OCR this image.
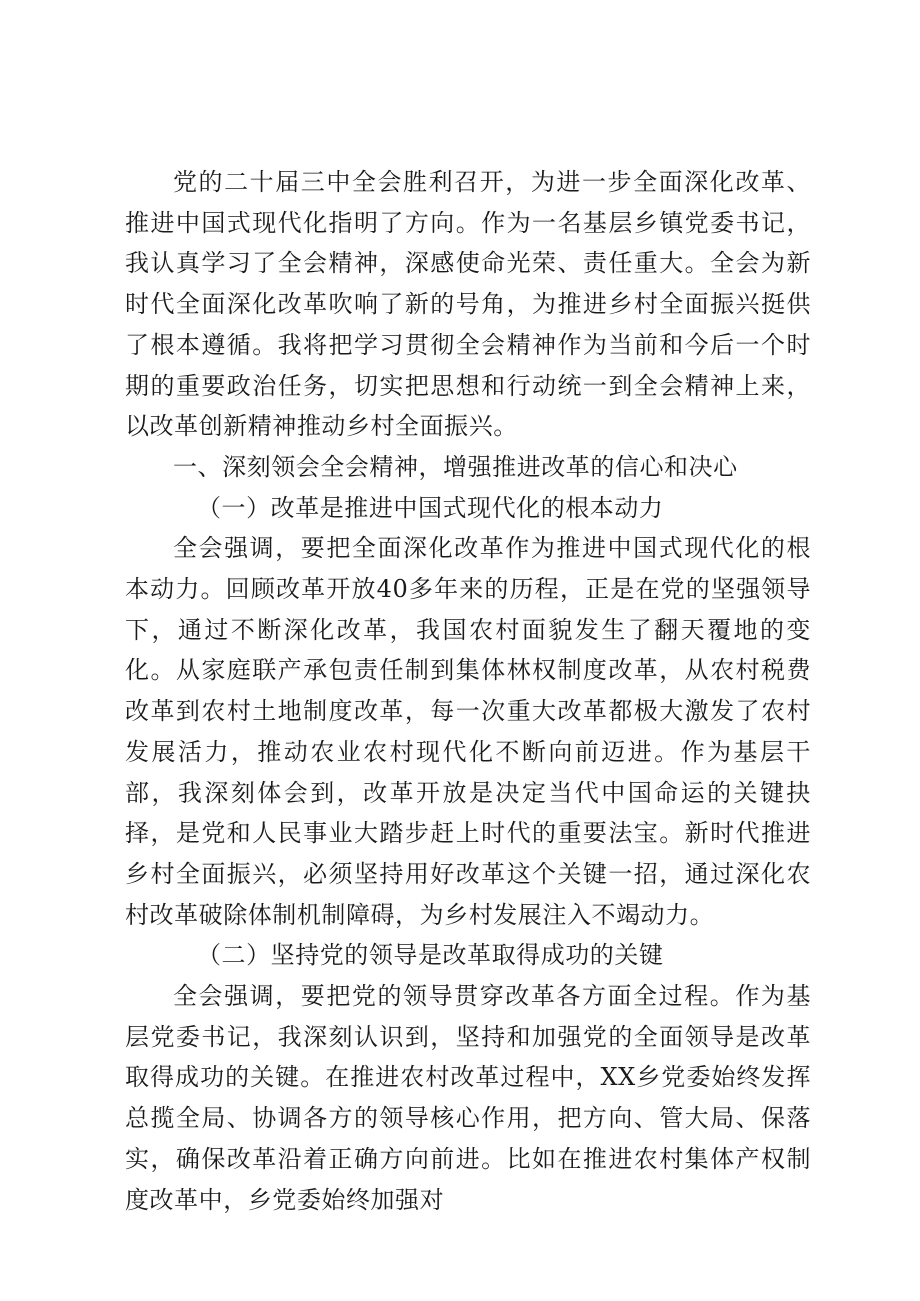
党的二十届三中全会胜利召开，为进一步全面深化改革、推进中国式现代化指明了方向。作为一名基层乡镇党委书记，我认真学习了全会精神，深感使命光荣、责任重大。全会为新时代全面深化改革吹响了新的号角，为推进乡村全面振兴挺供了根本遵循。我将把学习贯彻全会精神作为当前和今后一个时期的重要政治任务，切实把思想和行动统一到全会精神上来，以改革创新精神推动乡村全面振兴。

一、深刻领会全会精神，增强推进改革的信心和决心

（一）改革是推进中国式现代化的根本动力

全会强调，要把全面深化改革作为推进中国式现代化的根本动力。回顾改革开放40多年来的历程，正是在党的坚强领导下，通过不断深化改革，我国农村面貌发生了翻天覆地的变化。从家庭联产承包责任制到集体林权制度改革，从农村税费改革到农村土地制度改革，每一次重大改革都极大激发了农村发展活力，推动农业农村现代化不断向前迈进。作为基层干部，我深刻体会到，改革开放是决定当代中国命运的关键抉择，是党和人民事业大踏步赶上时代的重要法宝。新时代推进乡村全面振兴，必须坚持用好改革这个关键一招，通过深化农村改革破除体制机制障碍，为乡村发展注入不竭动力。

（二）坚持党的领导是改革取得成功的关键

全会强调，要把党的领导贯穿改革各方面全过程。作为基层党委书记，我深刻认识到，坚持和加强党的全面领导是改革取得成功的关键。在推进农村改革过程中，XX乡党委始终发挥总揽全局、协调各方的领导核心作用，把方向、管大局、保落实，确保改革沿着正确方向前进。比如在推进农村集体产权制度改革中，乡党委始终加强对
